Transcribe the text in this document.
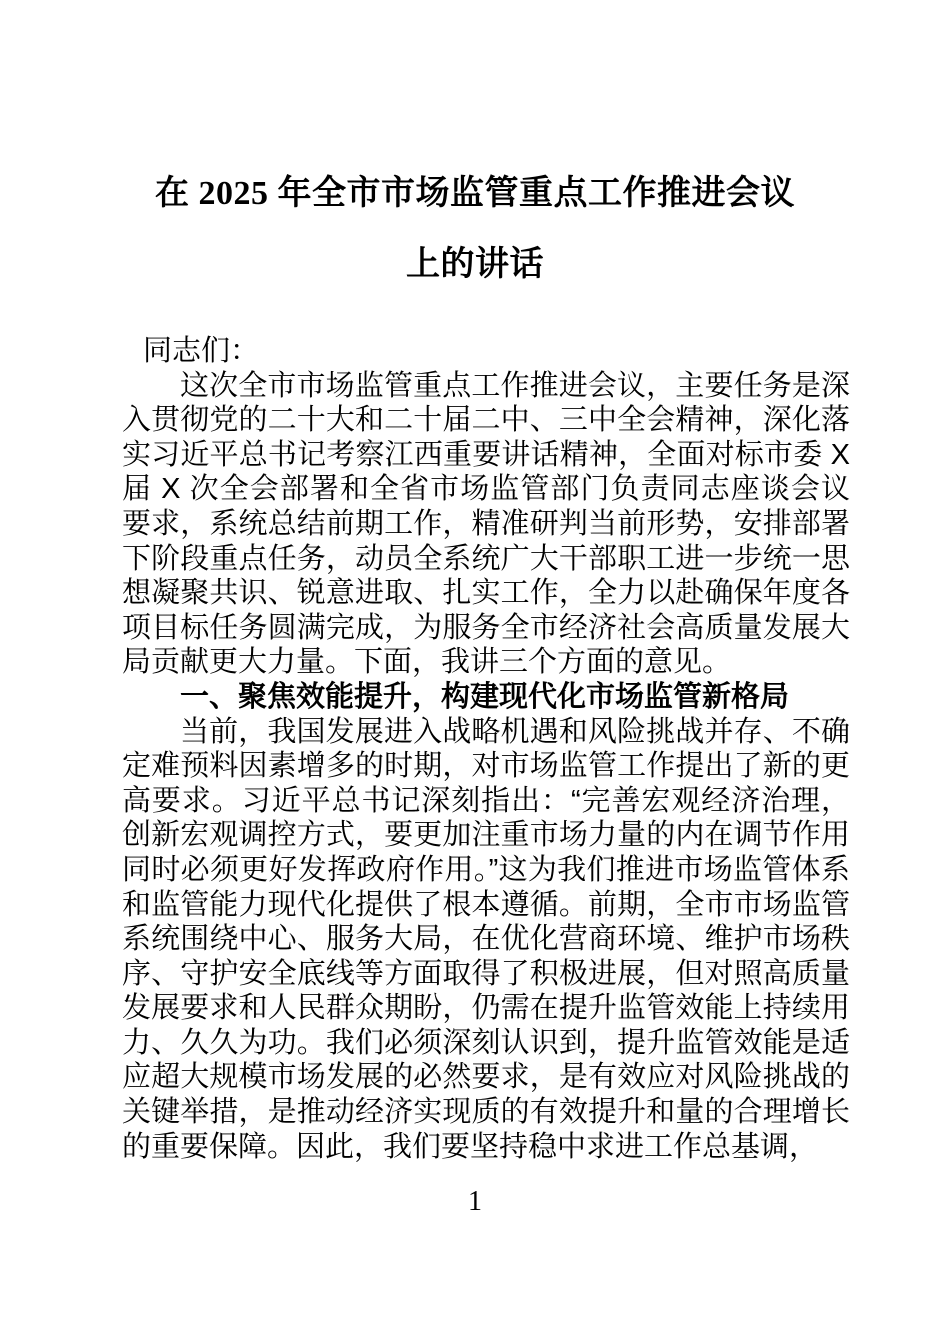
在 2025 年全市市场监管重点工作推进会议
上的讲话

同志们：

这次全市市场监管重点工作推进会议，主要任务是深入贯彻党的二十大和二十届二中、三中全会精神，深化落实习近平总书记考察江西重要讲话精神，全面对标市委 X 届 X 次全会部署和全省市场监管部门负责同志座谈会议要求，系统总结前期工作，精准研判当前形势，安排部署下阶段重点任务，动员全系统广大干部职工进一步统一思想凝聚共识、锐意进取、扎实工作，全力以赴确保年度各项目标任务圆满完成，为服务全市经济社会高质量发展大局贡献更大力量。下面，我讲三个方面的意见。

一、聚焦效能提升，构建现代化市场监管新格局

当前，我国发展进入战略机遇和风险挑战并存、不确定难预料因素增多的时期，对市场监管工作提出了新的更高要求。习近平总书记深刻指出：“完善宏观经济治理，创新宏观调控方式，要更加注重市场力量的内在调节作用同时必须更好发挥政府作用。”这为我们推进市场监管体系和监管能力现代化提供了根本遵循。前期，全市市场监管系统围绕中心、服务大局，在优化营商环境、维护市场秩序、守护安全底线等方面取得了积极进展，但对照高质量发展要求和人民群众期盼，仍需在提升监管效能上持续用力、久久为功。我们必须深刻认识到，提升监管效能是适应超大规模市场发展的必然要求，是有效应对风险挑战的关键举措，是推动经济实现质的有效提升和量的合理增长的重要保障。因此，我们要坚持稳中求进工作总基调，

1
